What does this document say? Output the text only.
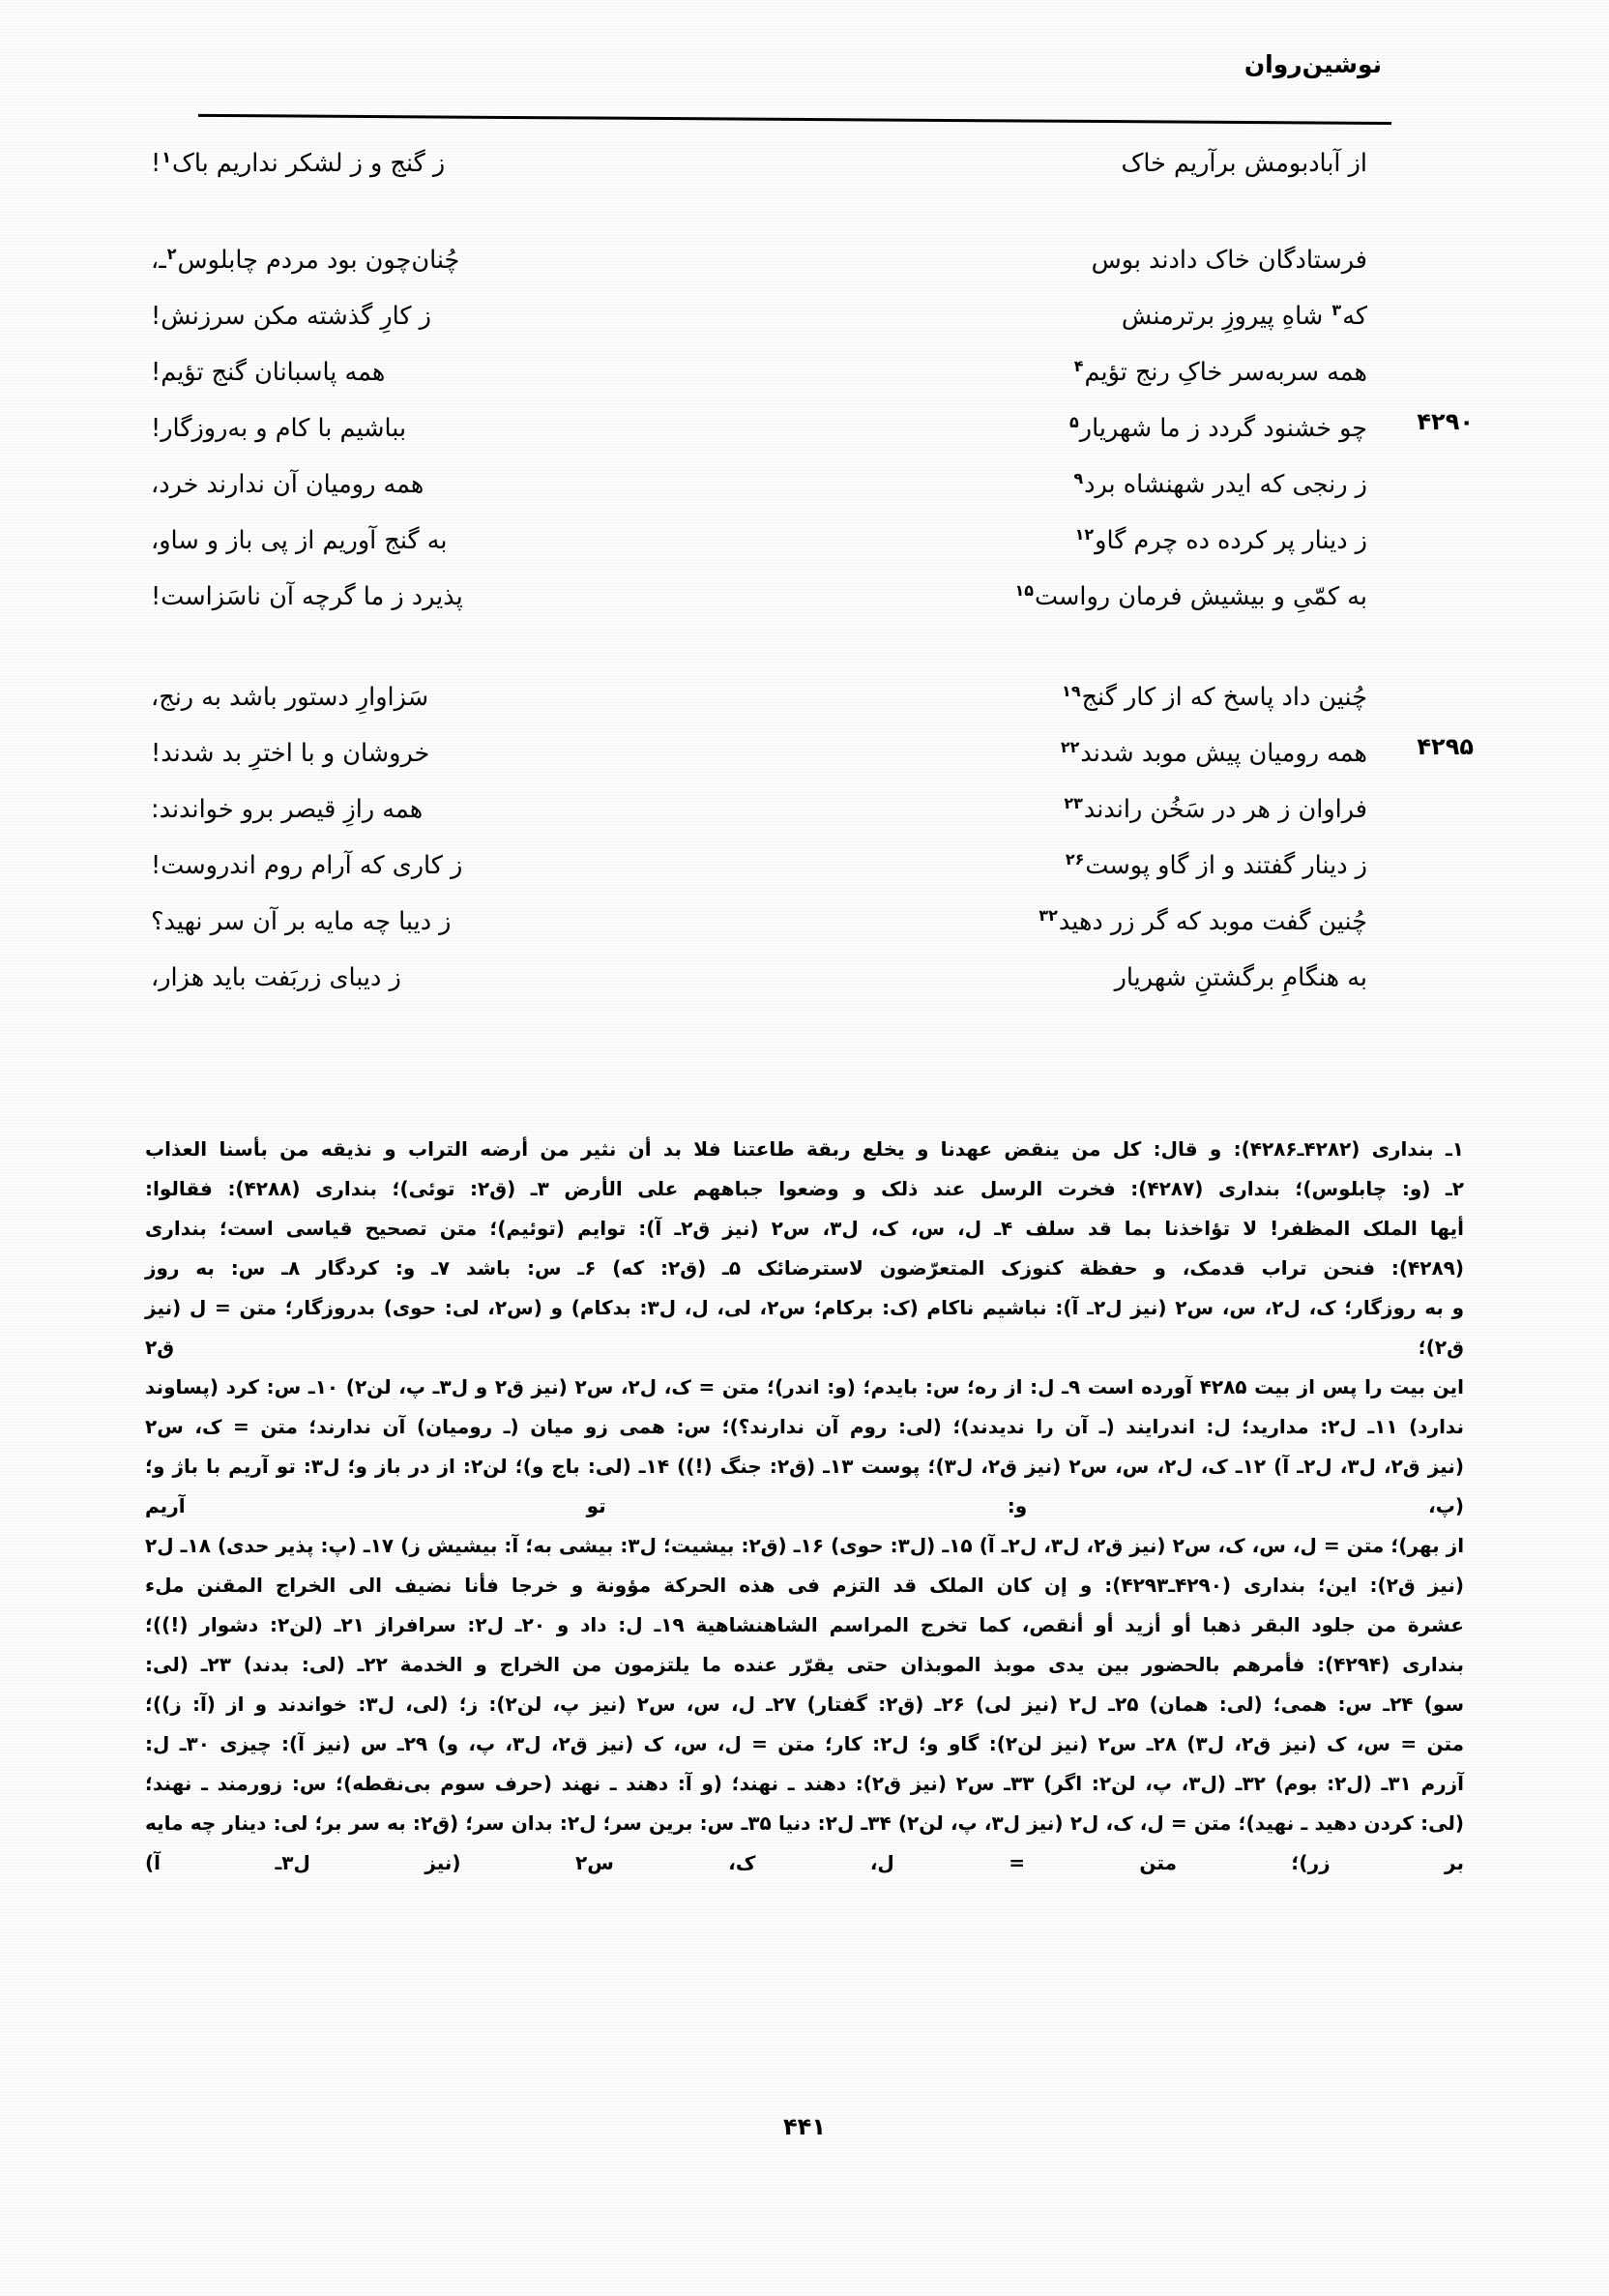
نوشین‌روان
از آبادبومش برآریم خاک
ز گنج و ز لشکر نداریم باک$^۱$!
فرستادگان خاک دادند بوس
چُنان‌چون بود مردم چابلوس$^۲$ـ،
که$^۳$ شاهِ پیروزِ برترمنش
ز کارِ گذشته مکن سرزنش!
همه سربه‌سر خاکِ رنج تؤیم$^۴$
همه پاسبانان گنج تؤیم!
۴۲۹۰
چو خشنود گردد ز ما شهریار$^۵$
بباشیم با کام و به‌روزگار!
ز رنجی که ایدر شهنشاه برد$^۹$
همه رومیان آن ندارند خرد،
ز دینار پر کرده ده چرم گاو$^{۱۲}$
به گنج آوریم از پی باز و ساو،
به کمّیِ و بیشیش فرمان رواست$^{۱۵}$
پذیرد ز ما گرچه آن ناسَزاست!
چُنین داد پاسخ که از کار گنج$^{۱۹}$
سَزاوارِ دستور باشد به رنج،
۴۲۹۵
همه رومیان پیش موبد شدند$^{۲۲}$
خروشان و با اخترِ بد شدند!
فراوان ز هر در سَخُن راندند$^{۲۳}$
همه رازِ قیصر برو خواندند:
ز دینار گفتند و از گاو پوست$^{۲۶}$
ز کاری که آرام روم اندروست!
چُنین گفت موبد که گر زر دهید$^{۳۲}$
ز دیبا چه مایه بر آن سر نهید؟
به هنگامِ برگشتنِ شهریار
ز دیبای زربَفت باید هزار،

۱ـ بنداری (۴۲۸۲ـ۴۲۸۶): و قال: کل من ینقض عهدنا و یخلع ربقة طاعتنا فلا بد أن نثیر من أرضه التراب و نذیقه من بأسنا العذاب

۲ـ (و: چابلوس)؛ بنداری (۴۲۸۷): فخرت الرسل عند ذلک و وضعوا جباههم علی الأرض ۳ـ (ق۲: توئی)؛ بنداری (۴۲۸۸): فقالوا:

أیها الملک المظفر! لا تؤاخذنا بما قد سلف ۴ـ ل، س، ک، ل۳، س۲ (نیز ق۲ـ آ): توایم (توئیم)؛ متن تصحیح قیاسی است؛ بنداری

(۴۲۸۹): فنحن تراب قدمک، و حفظة کنوزک المتعرّضون لاسترضائک ۵ـ (ق۲: که) ۶ـ س: باشد ۷ـ و: کردگار ۸ـ س: به روز

و به روزگار؛ ک، ل۲، س، س۲ (نیز ل۲ـ آ): نباشیم ناکام (ک: برکام؛ س۲، لی، ل، ل۳: بدکام) و (س۲، لی: حوی) بدروزگار؛ متن = ل (نیز ق۲)؛ ق۲

این بیت را پس از بیت ۴۲۸۵ آورده است ۹ـ ل: از ره؛ س: بایدم؛ (و: اندر)؛ متن = ک، ل۲، س۲ (نیز ق۲ و ل۳ـ پ، لن۲) ۱۰ـ س: کرد (پساوند

ندارد) ۱۱ـ ل۲: مدارید؛ ل: اندرایند (ـ آن را ندیدند)؛ (لی: روم آن ندارند؟)؛ س: همی زو میان (ـ رومیان) آن ندارند؛ متن = ک، س۲

(نیز ق۲، ل۳، ل۲ـ آ) ۱۲ـ ک، ل۲، س، س۲ (نیز ق۲، ل۳)؛ پوست ۱۳ـ (ق۲: جنگ (!)) ۱۴ـ (لی: باج و)؛ لن۲: از در باز و؛ ل۳: تو آریم با باژ و؛ (پ، و: تو آریم

از بهر)؛ متن = ل، س، ک، س۲ (نیز ق۲، ل۳، ل۲ـ آ) ۱۵ـ (ل۳: حوی) ۱۶ـ (ق۲: بیشیت؛ ل۳: بیشی به؛ آ: بیشیش ز) ۱۷ـ (پ: پذیر حدی) ۱۸ـ ل۲

(نیز ق۲): این؛ بنداری (۴۲۹۰ـ۴۲۹۳): و إن کان الملک قد التزم فی هذه الحرکة مؤونة و خرجا فأنا نضیف الی الخراج المقنن ملء

عشرة من جلود البقر ذهبا أو أزید أو أنقص، کما تخرج المراسم الشاهنشاهیة ۱۹ـ ل: داد و ۲۰ـ ل۲: سرافراز ۲۱ـ (لن۲: دشوار (!))؛

بنداری (۴۲۹۴): فأمرهم بالحضور بین یدی موبذ الموبذان حتی یقرّر عنده ما یلتزمون من الخراج و الخدمة ۲۲ـ (لی: بدند) ۲۳ـ (لی:

سو) ۲۴ـ س: همی؛ (لی: همان) ۲۵ـ ل۲ (نیز لی) ۲۶ـ (ق۲: گفتار) ۲۷ـ ل، س، س۲ (نیز پ، لن۲): ز؛ (لی، ل۳: خواندند و از (آ: ز))؛

متن = س، ک (نیز ق۲، ل۳) ۲۸ـ س۲ (نیز لن۲): گاو و؛ ل۲: کار؛ متن = ل، س، ک (نیز ق۲، ل۳، پ، و) ۲۹ـ س (نیز آ): چیزی ۳۰ـ ل:

آزرم ۳۱ـ (ل۲: بوم) ۳۲ـ (ل۳، پ، لن۲: اگر) ۳۳ـ س۲ (نیز ق۲): دهند ـ نهند؛ (و آ: دهند ـ نهند (حرف سوم بی‌نقطه)؛ س: زورمند ـ نهند؛

(لی: کردن دهید ـ نهید)؛ متن = ل، ک، ل۲ (نیز ل۳، پ، لن۲) ۳۴ـ ل۲: دنیا ۳۵ـ س: برین سر؛ ل۲: بدان سر؛ (ق۲: به سر بر؛ لی: دینار چه مایه

بر زر)؛ متن = ل، ک، س۲ (نیز ل۳ـ آ)

۴۴۱
